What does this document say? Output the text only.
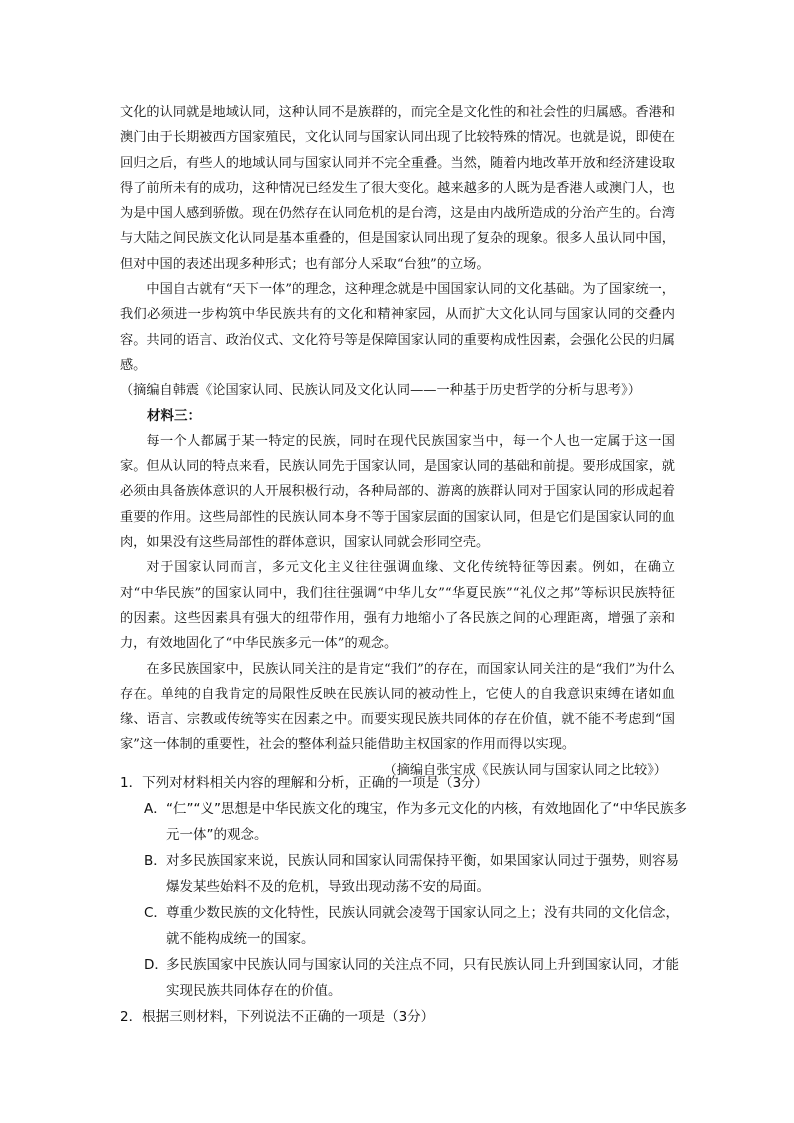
文化的认同就是地域认同，这种认同不是族群的，而完全是文化性的和社会性的归属感。香港和澳门由于长期被西方国家殖民，文化认同与国家认同出现了比较特殊的情况。也就是说，即使在回归之后，有些人的地域认同与国家认同并不完全重叠。当然，随着内地改革开放和经济建设取得了前所未有的成功，这种情况已经发生了很大变化。越来越多的人既为是香港人或澳门人，也为是中国人感到骄傲。现在仍然存在认同危机的是台湾，这是由内战所造成的分治产生的。台湾与大陆之间民族文化认同是基本重叠的，但是国家认同出现了复杂的现象。很多人虽认同中国，但对中国的表述出现多种形式；也有部分人采取“台独”的立场。

中国自古就有“天下一体”的理念，这种理念就是中国国家认同的文化基础。为了国家统一，我们必须进一步构筑中华民族共有的文化和精神家园，从而扩大文化认同与国家认同的交叠内容。共同的语言、政治仪式、文化符号等是保障国家认同的重要构成性因素，会强化公民的归属感。

（摘编自韩震《论国家认同、民族认同及文化认同——一种基于历史哲学的分析与思考》）

材料三：

每一个人都属于某一特定的民族，同时在现代民族国家当中，每一个人也一定属于这一国家。但从认同的特点来看，民族认同先于国家认同，是国家认同的基础和前提。要形成国家，就必须由具备族体意识的人开展积极行动，各种局部的、游离的族群认同对于国家认同的形成起着重要的作用。这些局部性的民族认同本身不等于国家层面的国家认同，但是它们是国家认同的血肉，如果没有这些局部性的群体意识，国家认同就会形同空壳。

对于国家认同而言，多元文化主义往往强调血缘、文化传统特征等因素。例如，在确立对“中华民族”的国家认同中，我们往往强调“中华儿女”“华夏民族”“礼仪之邦”等标识民族特征的因素。这些因素具有强大的纽带作用，强有力地缩小了各民族之间的心理距离，增强了亲和力，有效地固化了“中华民族多元一体”的观念。

在多民族国家中，民族认同关注的是肯定“我们”的存在，而国家认同关注的是“我们”为什么存在。单纯的自我肯定的局限性反映在民族认同的被动性上，它使人的自我意识束缚在诸如血缘、语言、宗教或传统等实在因素之中。而要实现民族共同体的存在价值，就不能不考虑到“国家”这一体制的重要性，社会的整体利益只能借助主权国家的作用而得以实现。

（摘编自张宝成《民族认同与国家认同之比较》）

1．下列对材料相关内容的理解和分析，正确的一项是（3分）

A．“仁”“义”思想是中华民族文化的瑰宝，作为多元文化的内核，有效地固化了“中华民族多元一体”的观念。

B．对多民族国家来说，民族认同和国家认同需保持平衡，如果国家认同过于强势，则容易爆发某些始料不及的危机，导致出现动荡不安的局面。

C．尊重少数民族的文化特性，民族认同就会凌驾于国家认同之上；没有共同的文化信念，就不能构成统一的国家。

D．多民族国家中民族认同与国家认同的关注点不同，只有民族认同上升到国家认同，才能实现民族共同体存在的价值。

2．根据三则材料，下列说法不正确的一项是（3分）
